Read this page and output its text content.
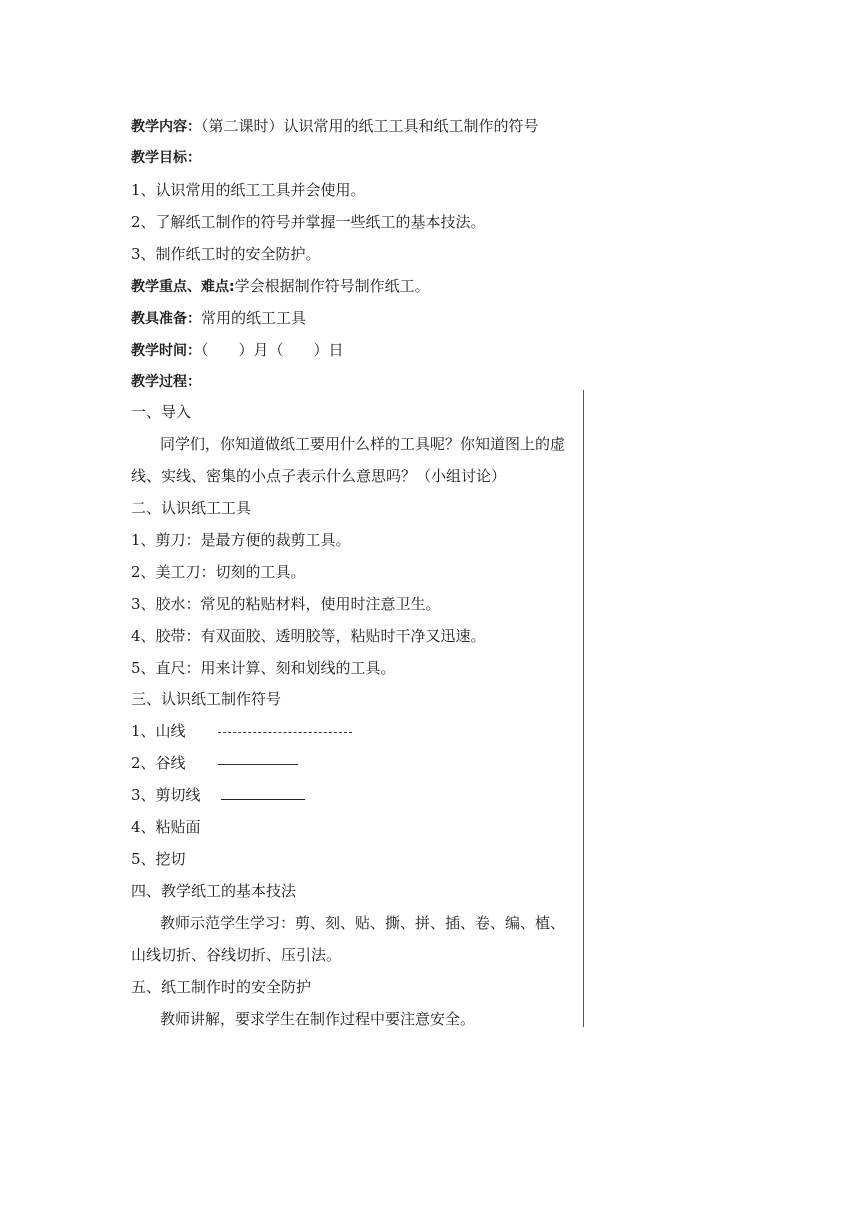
教学内容：（第二课时）认识常用的纸工工具和纸工制作的符号
教学目标：
1、认识常用的纸工工具并会使用。
2、了解纸工制作的符号并掌握一些纸工的基本技法。
3、制作纸工时的安全防护。
教学重点、难点:学会根据制作符号制作纸工。
教具准备：常用的纸工工具
教学时间：（　　）月（　　）日
教学过程：
一、导入
同学们，你知道做纸工要用什么样的工具呢？你知道图上的虚
线、实线、密集的小点子表示什么意思吗？（小组讨论）
二、认识纸工工具
1、剪刀：是最方便的裁剪工具。
2、美工刀：切刻的工具。
3、胶水：常见的粘贴材料，使用时注意卫生。
4、胶带：有双面胶、透明胶等，粘贴时干净又迅速。
5、直尺：用来计算、刻和划线的工具。
三、认识纸工制作符号
1、山线
2、谷线
3、剪切线
4、粘贴面
5、挖切
四、教学纸工的基本技法
教师示范学生学习：剪、刻、贴、撕、拼、插、卷、编、植、
山线切折、谷线切折、压引法。
五、纸工制作时的安全防护
教师讲解，要求学生在制作过程中要注意安全。
